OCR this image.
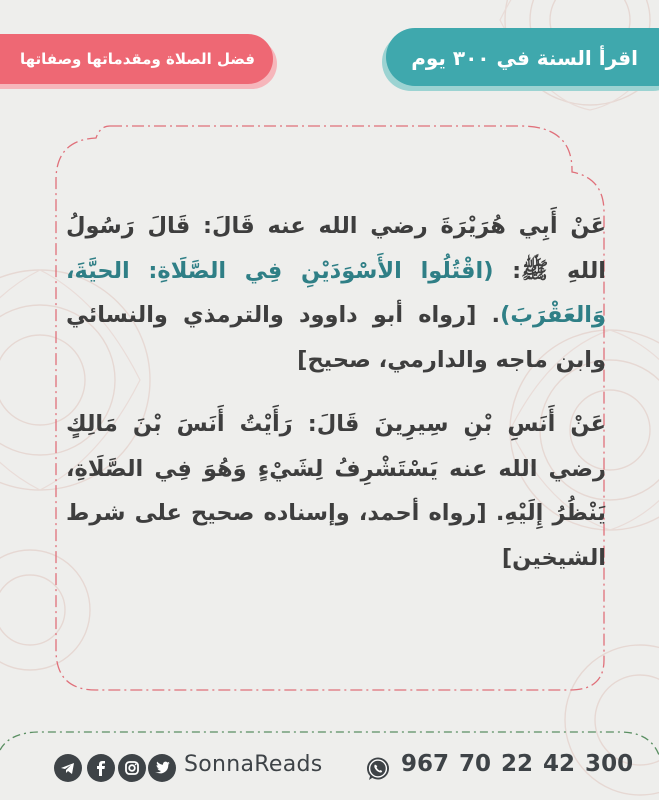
اقرأ السنة في ٣٠٠ يوم
فضل الصلاة ومقدماتها وصفاتها

عَنْ أَبِي هُرَيْرَةَ رضي الله عنه قَالَ: قَالَ رَسُولُ اللهِ ﷺ: (اقْتُلُوا الأَسْوَدَيْنِ فِي الصَّلَاةِ: الحيَّةَ، وَالعَقْرَبَ). [رواه أبو داوود والترمذي والنسائي وابن ماجه والدارمي، صحيح]

عَنْ أَنَسِ بْنِ سِيرِينَ قَالَ: رَأَيْتُ أَنَسَ بْنَ مَالِكٍ رضي الله عنه يَسْتَشْرِفُ لِشَيْءٍ وَهُوَ فِي الصَّلَاةِ، يَنْظُرُ إِلَيْهِ. [رواه أحمد، وإسناده صحيح على شرط الشيخين]

SonnaReads	967 70 22 42 300
